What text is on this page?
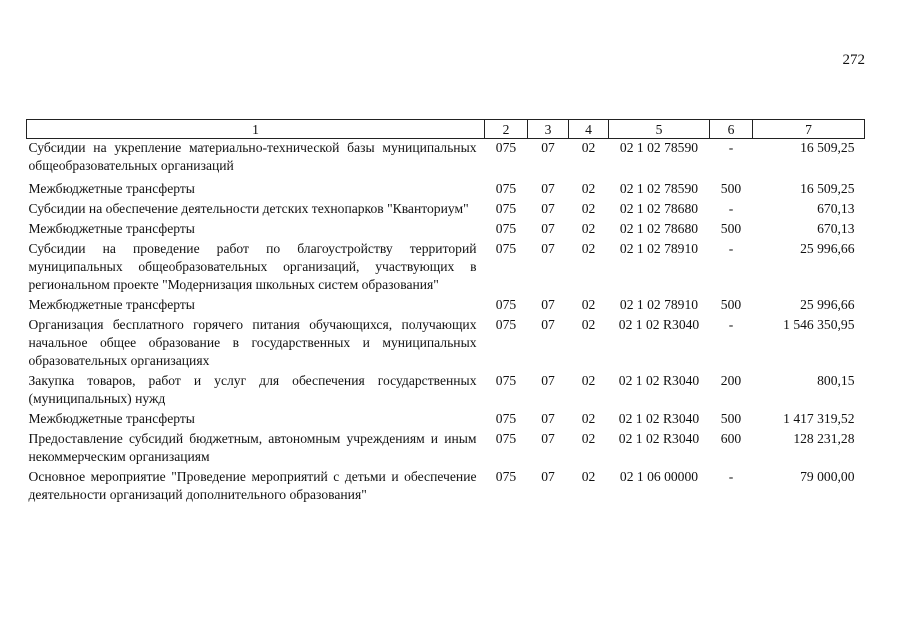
272
1	2	3	4	5	6	7
Субсидии на укрепление материально-технической базы муниципальных общеобразовательных организаций	075	07	02	02 1 02 78590	-	16 509,25
Межбюджетные трансферты	075	07	02	02 1 02 78590	500	16 509,25
Субсидии на обеспечение деятельности детских технопарков "Кванториум"	075	07	02	02 1 02 78680	-	670,13
Межбюджетные трансферты	075	07	02	02 1 02 78680	500	670,13
Субсидии на проведение работ по благоустройству территорий муниципальных общеобразовательных организаций, участвующих в региональном проекте "Модернизация школьных систем образования"	075	07	02	02 1 02 78910	-	25 996,66
Межбюджетные трансферты	075	07	02	02 1 02 78910	500	25 996,66
Организация бесплатного горячего питания обучающихся, получающих начальное общее образование в государственных и муниципальных образовательных организациях	075	07	02	02 1 02 R3040	-	1 546 350,95
Закупка товаров, работ и услуг для обеспечения государственных (муниципальных) нужд	075	07	02	02 1 02 R3040	200	800,15
Межбюджетные трансферты	075	07	02	02 1 02 R3040	500	1 417 319,52
Предоставление субсидий бюджетным, автономным учреждениям и иным некоммерческим организациям	075	07	02	02 1 02 R3040	600	128 231,28
Основное мероприятие "Проведение мероприятий с детьми и обеспечение деятельности организаций дополнительного образования"	075	07	02	02 1 06 00000	-	79 000,00
